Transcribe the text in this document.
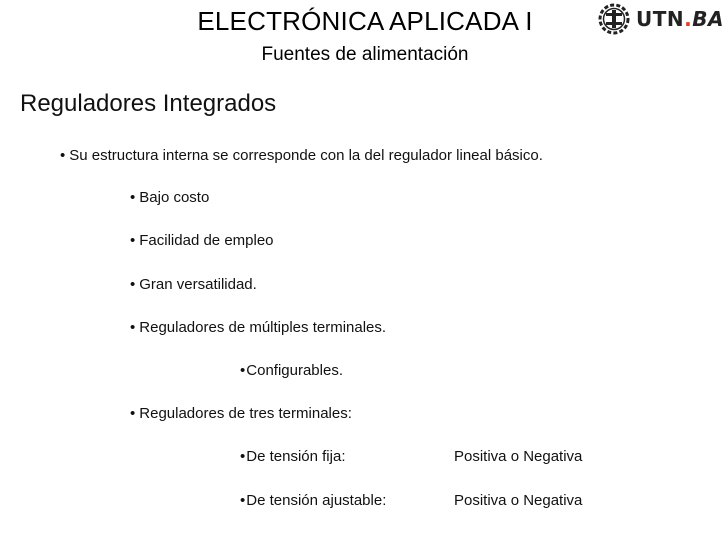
ELECTRÓNICA APLICADA I
Fuentes de alimentación
UTN.BA
Reguladores Integrados
• Su estructura interna se corresponde con la del regulador lineal básico.
• Bajo costo
• Facilidad de empleo
• Gran versatilidad.
• Reguladores de múltiples terminales.
•Configurables.
• Reguladores de tres terminales:
•De tensión fija:	Positiva o Negativa
•De tensión ajustable:	Positiva o Negativa
